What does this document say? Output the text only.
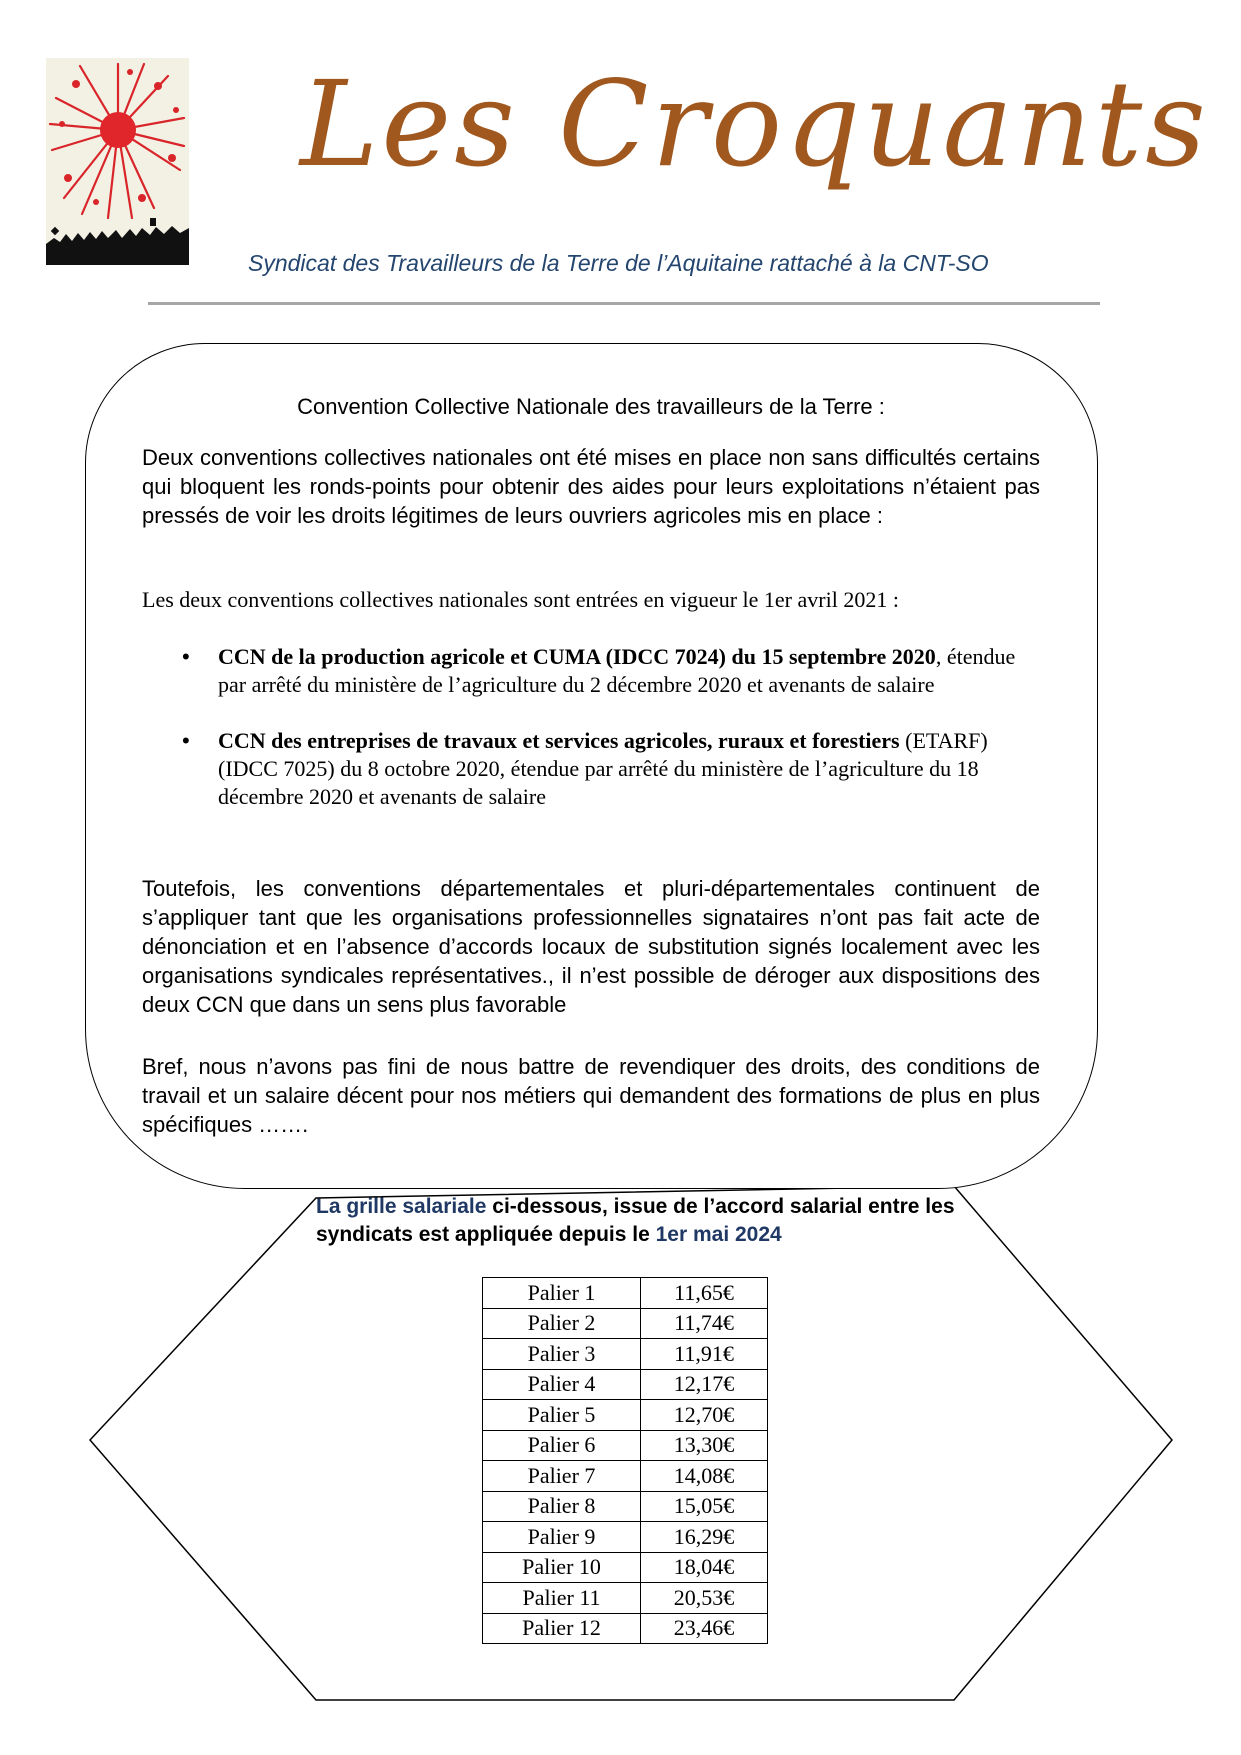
Les Croquants
Syndicat des Travailleurs de la Terre de l’Aquitaine rattaché à la CNT-SO
Convention Collective Nationale des travailleurs de la Terre :

Deux conventions collectives nationales ont été mises en place non sans difficultés certains qui bloquent les ronds-points pour obtenir des aides pour leurs exploitations n’étaient pas pressés de voir les droits légitimes de leurs ouvriers agricoles mis en place :

Les deux conventions collectives nationales sont entrées en vigueur le 1er avril 2021 :

• CCN de la production agricole et CUMA (IDCC 7024) du 15 septembre 2020, étendue par arrêté du ministère de l’agriculture du 2 décembre 2020 et avenants de salaire
• CCN des entreprises de travaux et services agricoles, ruraux et forestiers (ETARF) (IDCC 7025) du 8 octobre 2020, étendue par arrêté du ministère de l’agriculture du 18 décembre 2020 et avenants de salaire

Toutefois, les conventions départementales et pluri-départementales continuent de s’appliquer tant que les organisations professionnelles signataires n’ont pas fait acte de dénonciation et en l’absence d’accords locaux de substitution signés localement avec les organisations syndicales représentatives., il n’est possible de déroger aux dispositions des deux CCN que dans un sens plus favorable

Bref, nous n’avons pas fini de nous battre de revendiquer des droits, des conditions de travail et un salaire décent pour nos métiers qui demandent des formations de plus en plus spécifiques …….

La grille salariale ci-dessous, issue de l’accord salarial entre les syndicats est appliquée depuis le 1er mai 2024
Palier 1	11,65€
Palier 2	11,74€
Palier 3	11,91€
Palier 4	12,17€
Palier 5	12,70€
Palier 6	13,30€
Palier 7	14,08€
Palier 8	15,05€
Palier 9	16,29€
Palier 10	18,04€
Palier 11	20,53€
Palier 12	23,46€
